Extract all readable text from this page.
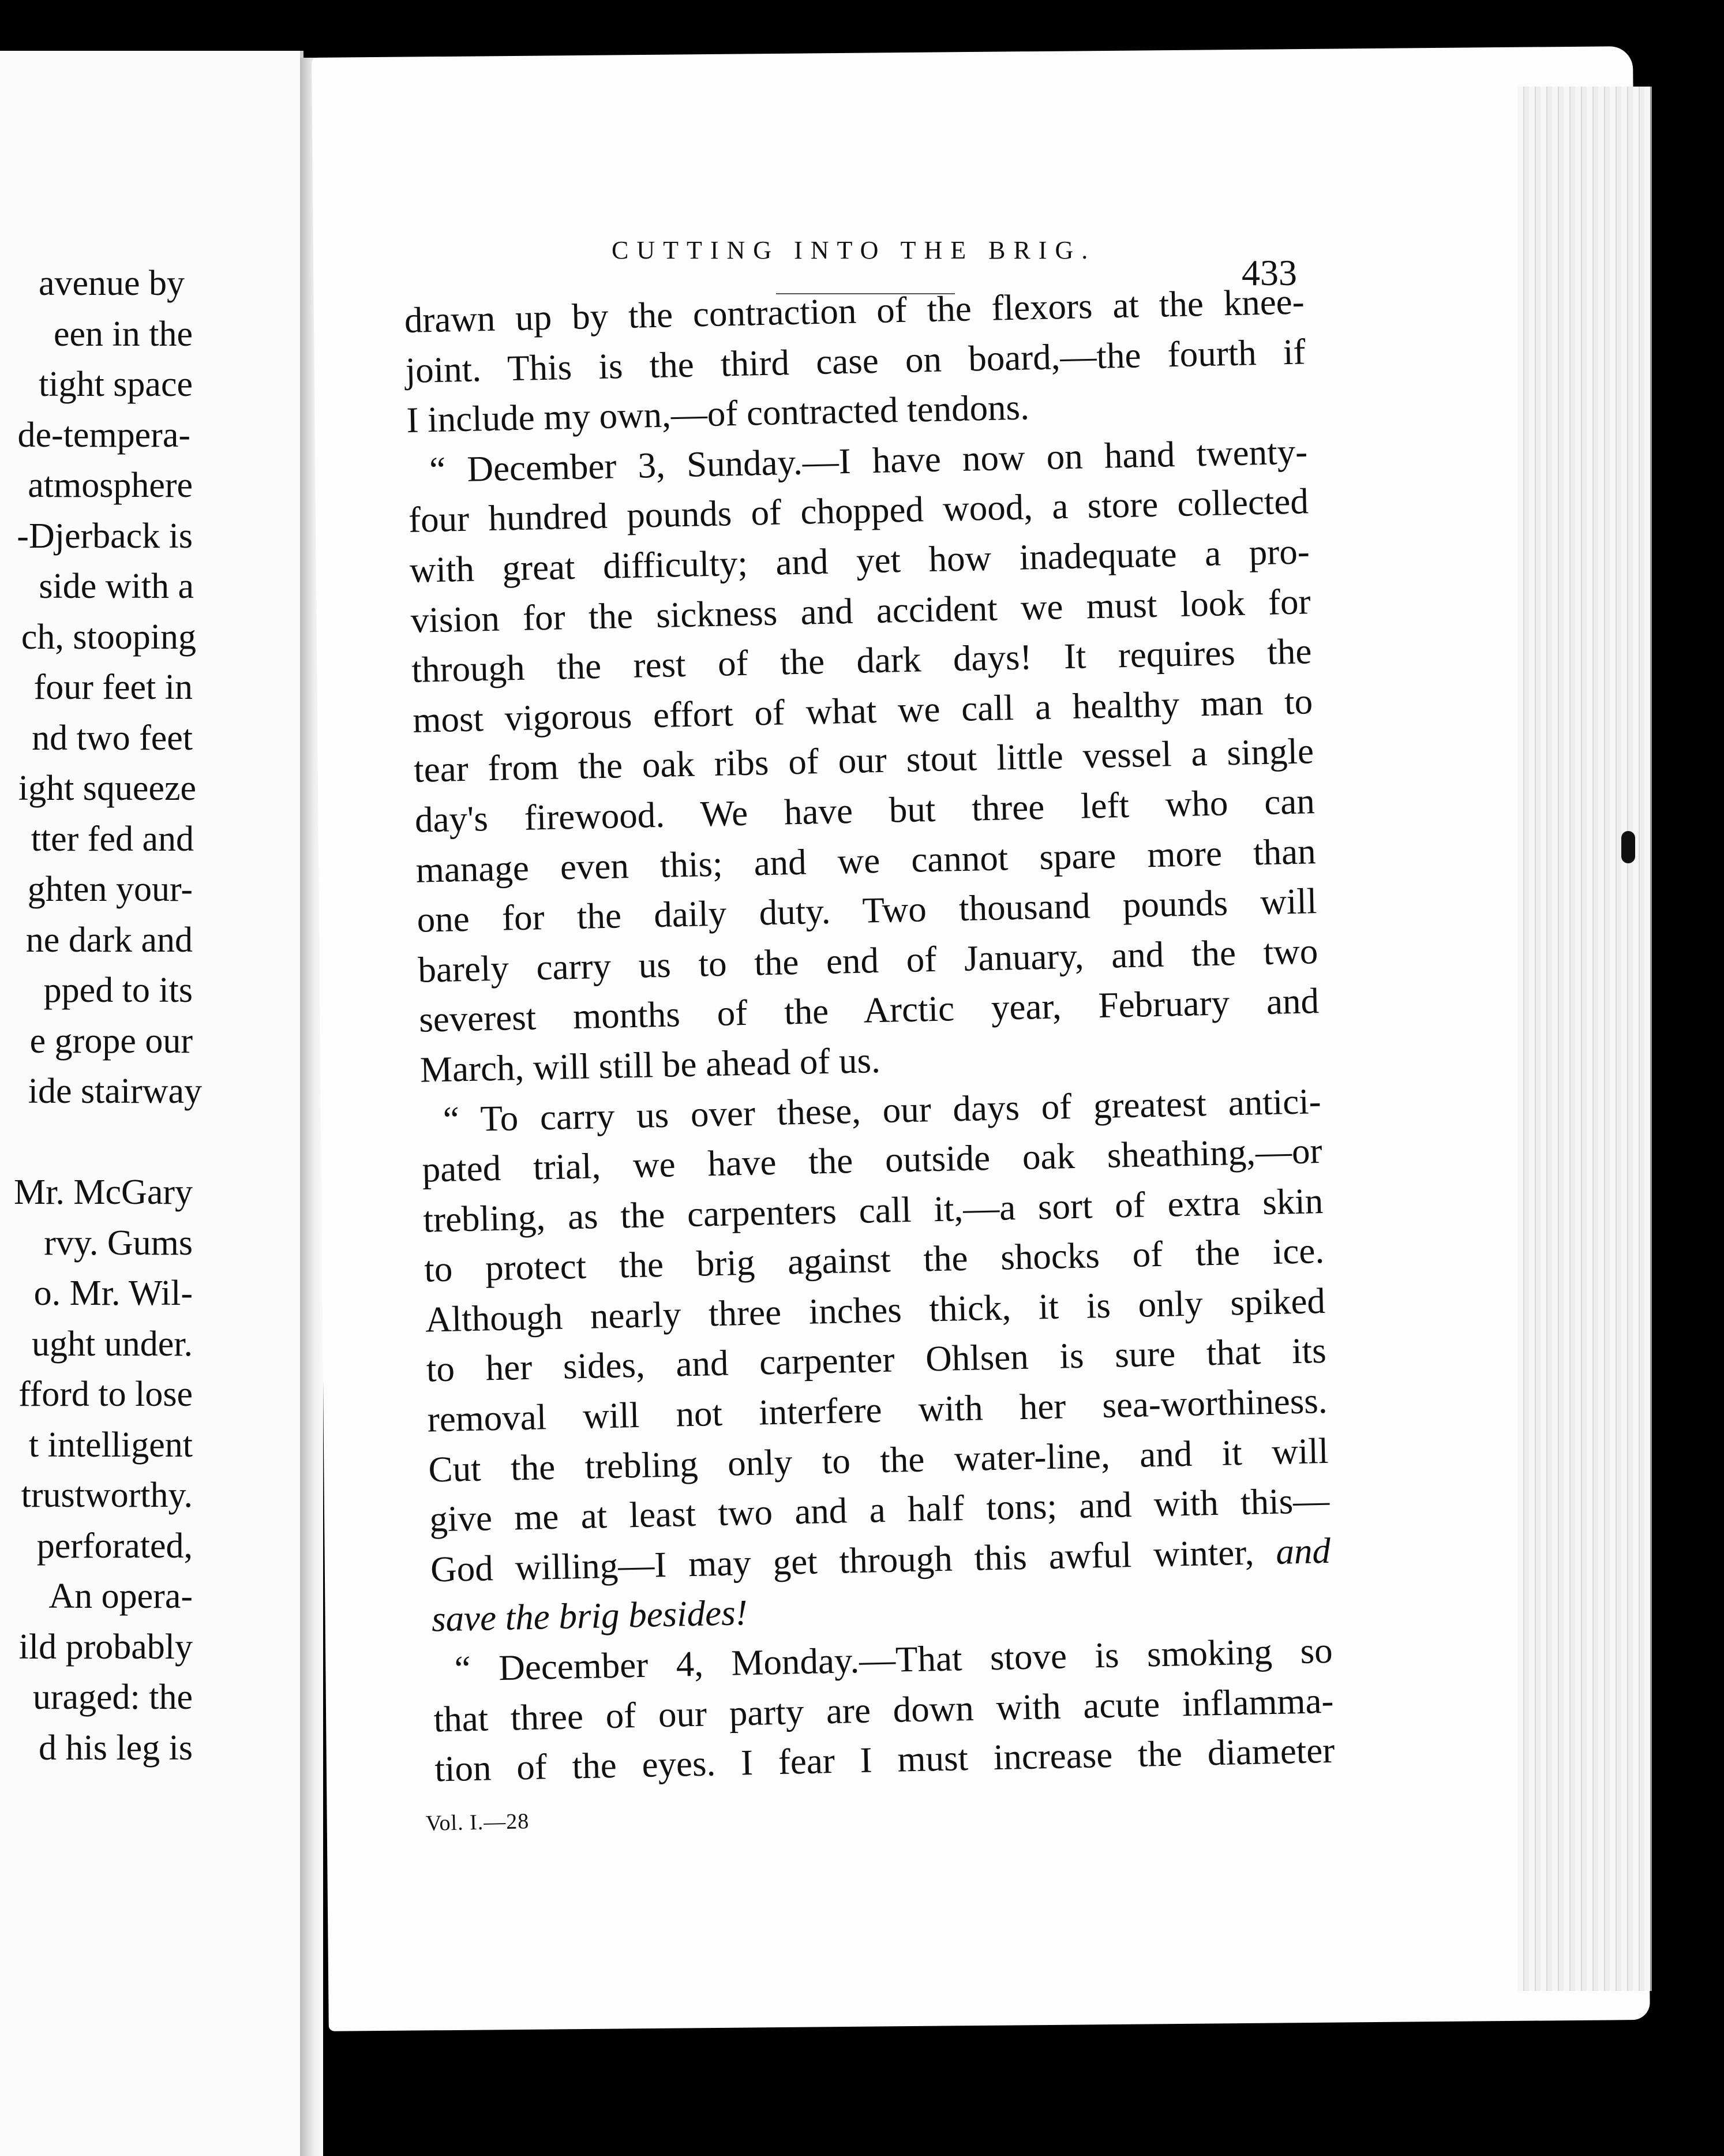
avenue by
een in the
tight space
de-tempera-
atmosphere
-Djerback is
side with a
ch, stooping
four feet in
nd two feet
ight squeeze
tter fed and
ghten your-
ne dark and
pped to its
e grope our
ide stairway
Mr. McGary
rvy. Gums
o. Mr. Wil-
ught under.
fford to lose
t intelligent
trustworthy.
perforated,
An opera-
ild probably
uraged: the
d his leg is
CUTTING INTO THE BRIG.
433
drawn up by the contraction of the flexors at the knee-
joint. This is the third case on board,—the fourth if
I include my own,—of contracted tendons.
“ December 3, Sunday.—I have now on hand twenty-
four hundred pounds of chopped wood, a store collected
with great difficulty; and yet how inadequate a pro-
vision for the sickness and accident we must look for
through the rest of the dark days! It requires the
most vigorous effort of what we call a healthy man to
tear from the oak ribs of our stout little vessel a single
day's firewood. We have but three left who can
manage even this; and we cannot spare more than
one for the daily duty. Two thousand pounds will
barely carry us to the end of January, and the two
severest months of the Arctic year, February and
March, will still be ahead of us.
“ To carry us over these, our days of greatest antici-
pated trial, we have the outside oak sheathing,—or
trebling, as the carpenters call it,—a sort of extra skin
to protect the brig against the shocks of the ice.
Although nearly three inches thick, it is only spiked
to her sides, and carpenter Ohlsen is sure that its
removal will not interfere with her sea-worthiness.
Cut the trebling only to the water-line, and it will
give me at least two and a half tons; and with this—
God willing—I may get through this awful winter, and
save the brig besides!
“ December 4, Monday.—That stove is smoking so
that three of our party are down with acute inflamma-
tion of the eyes. I fear I must increase the diameter
Vol. I.—28
